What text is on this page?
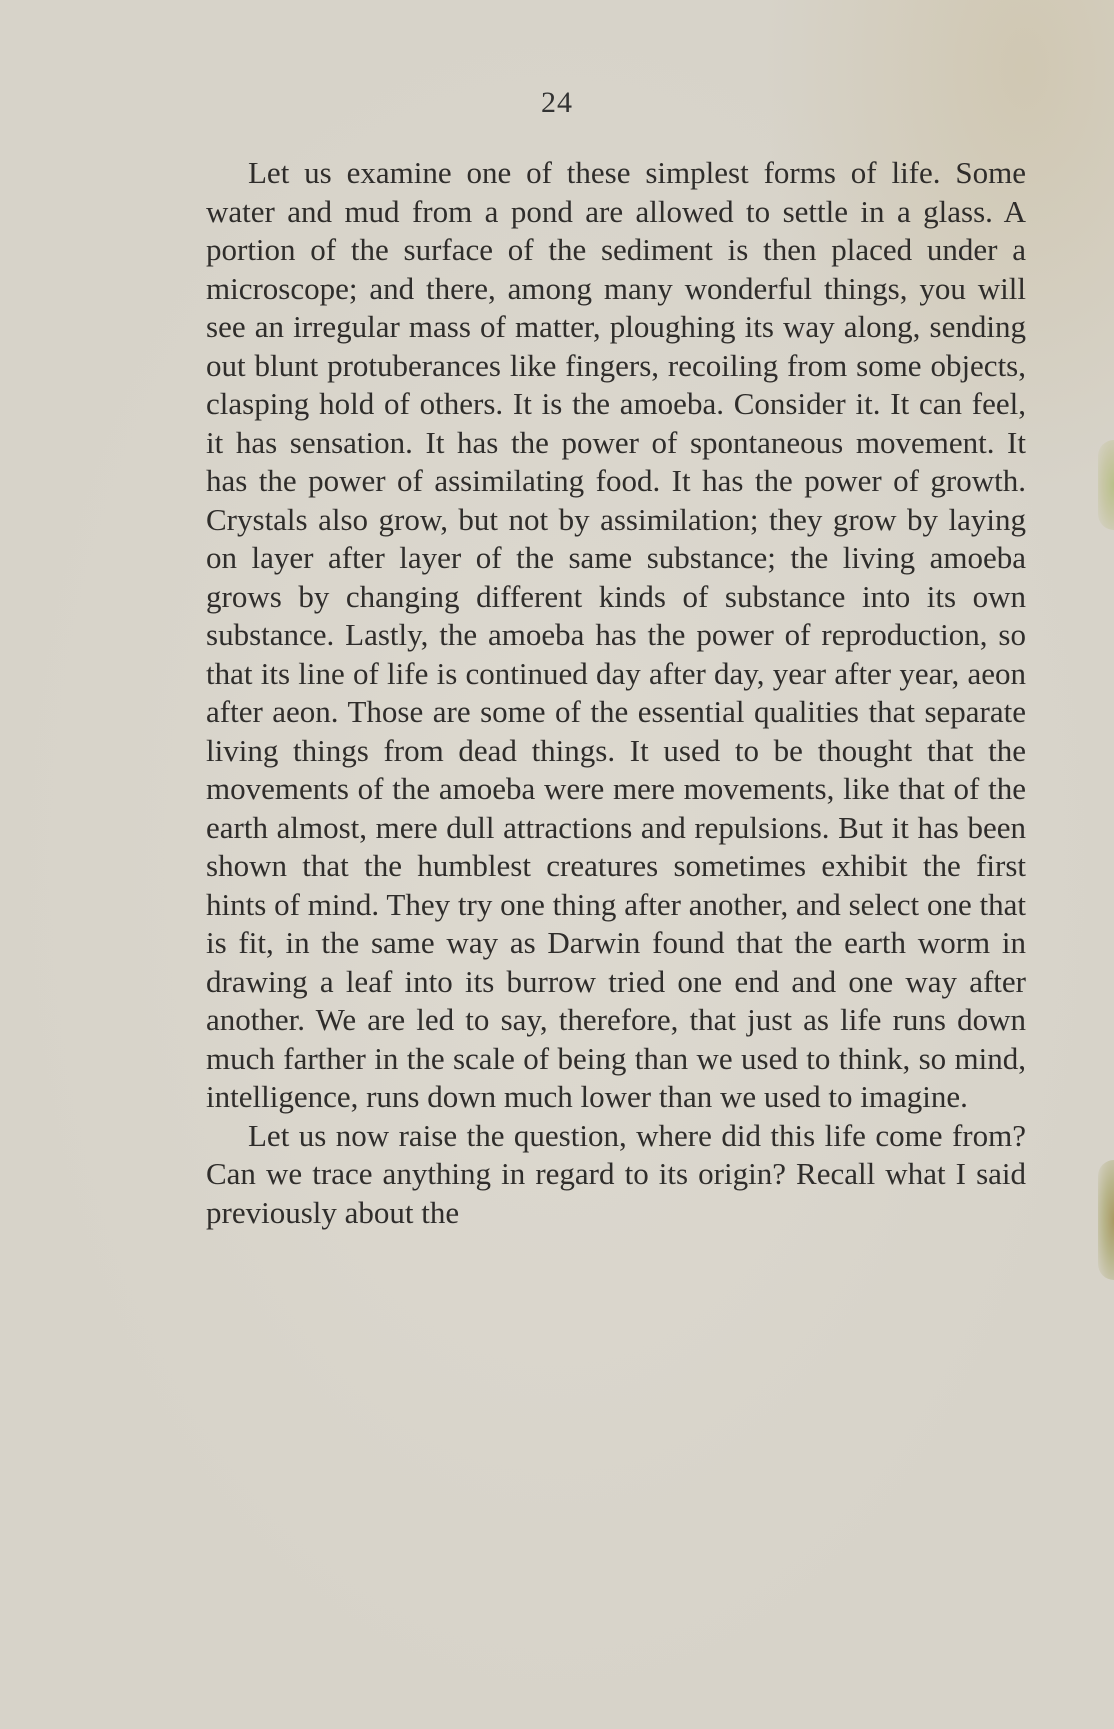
24

Let us examine one of these simplest forms of life. Some water and mud from a pond are allowed to settle in a glass. A portion of the surface of the sediment is then placed under a microscope; and there, among many wonderful things, you will see an irregular mass of matter, ploughing its way along, sending out blunt protuberances like fingers, recoiling from some objects, clasping hold of others. It is the amoeba. Consider it. It can feel, it has sensation. It has the power of spontaneous movement. It has the power of assimilating food. It has the power of growth. Crystals also grow, but not by assimilation; they grow by laying on layer after layer of the same substance; the living amoeba grows by changing different kinds of substance into its own substance. Lastly, the amoeba has the power of reproduction, so that its line of life is continued day after day, year after year, aeon after aeon. Those are some of the essential qualities that separate living things from dead things. It used to be thought that the movements of the amoeba were mere movements, like that of the earth almost, mere dull attractions and repulsions. But it has been shown that the humblest creatures sometimes exhibit the first hints of mind. They try one thing after another, and select one that is fit, in the same way as Darwin found that the earth worm in drawing a leaf into its burrow tried one end and one way after another. We are led to say, therefore, that just as life runs down much farther in the scale of being than we used to think, so mind, intelligence, runs down much lower than we used to imagine.

Let us now raise the question, where did this life come from? Can we trace anything in regard to its origin? Recall what I said previously about the
